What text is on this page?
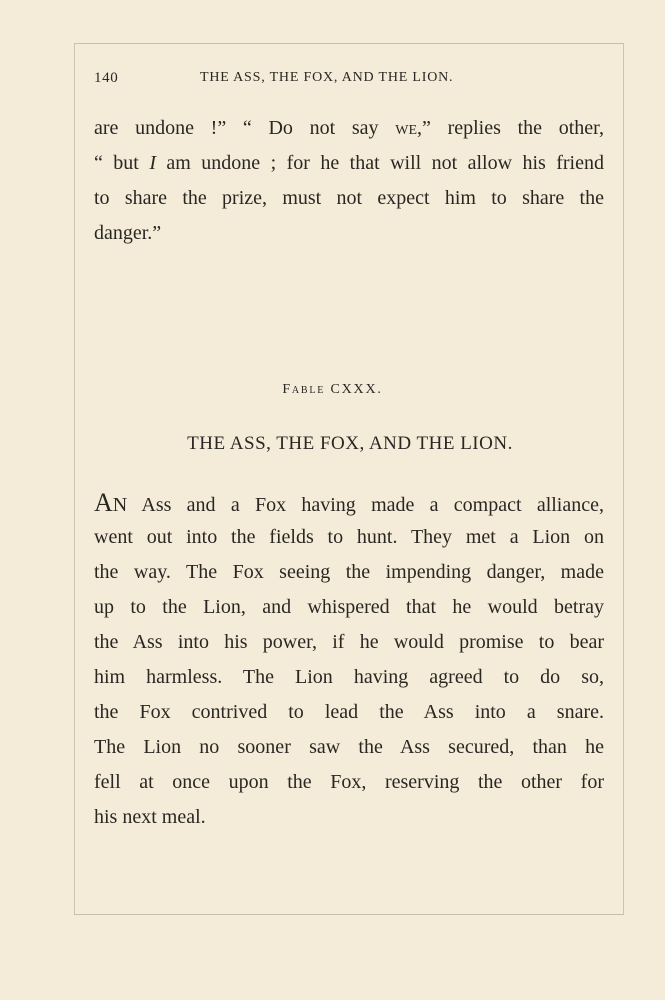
140	THE ASS, THE FOX, AND THE LION.

are undone !” “ Do not say we,” replies the other,
“ but I am undone ; for he that will not allow his friend
to share the prize, must not expect him to share the
danger.”

Fable CXXX.
THE ASS, THE FOX, AND THE LION.

AN Ass and a Fox having made a compact alliance,
went out into the fields to hunt. They met a Lion on
the way. The Fox seeing the impending danger, made
up to the Lion, and whispered that he would betray
the Ass into his power, if he would promise to bear
him harmless. The Lion having agreed to do so,
the Fox contrived to lead the Ass into a snare.
The Lion no sooner saw the Ass secured, than he
fell at once upon the Fox, reserving the other for
his next meal.
